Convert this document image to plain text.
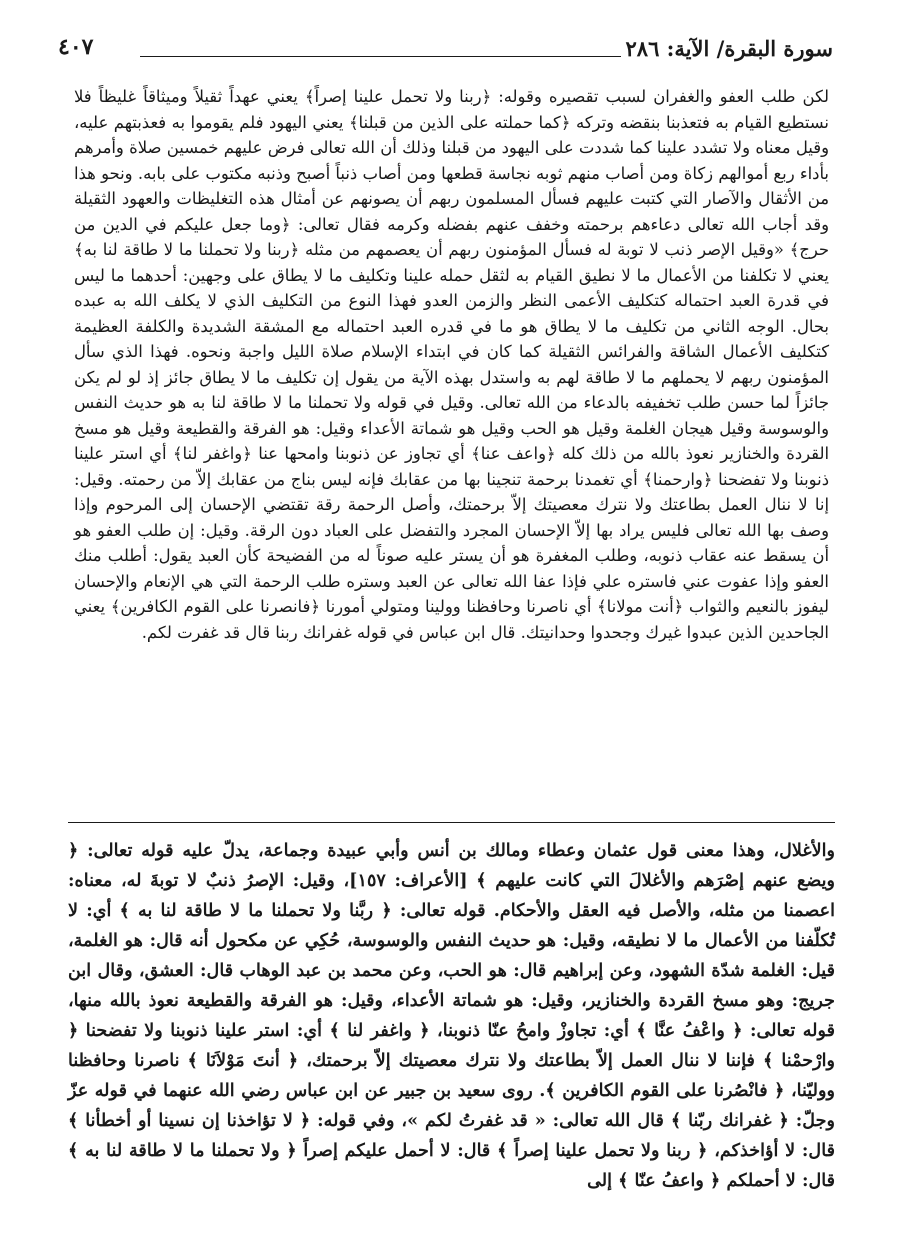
سورة البقرة/ الآية: ٢٨٦
٤٠٧

لكن طلب العفو والغفران لسبب تقصيره وقوله: ﴿ربنا ولا تحمل علينا إصراً﴾ يعني عهداً ثقيلاً وميثاقاً غليظاً فلا نستطيع القيام به فتعذبنا بنقضه وتركه ﴿كما حملته على الذين من قبلنا﴾ يعني اليهود فلم يقوموا به فعذبتهم عليه، وقيل معناه ولا تشدد علينا كما شددت على اليهود من قبلنا وذلك أن الله تعالى فرض عليهم خمسين صلاة وأمرهم بأداء ربع أموالهم زكاة ومن أصاب منهم ثوبه نجاسة قطعها ومن أصاب ذنباً أصبح وذنبه مكتوب على بابه. ونحو هذا من الأثقال والآصار التي كتبت عليهم فسأل المسلمون ربهم أن يصونهم عن أمثال هذه التغليظات والعهود الثقيلة وقد أجاب الله تعالى دعاءهم برحمته وخفف عنهم بفضله وكرمه فقال تعالى: ﴿وما جعل عليكم في الدين من حرج﴾ «وقيل الإصر ذنب لا توبة له فسأل المؤمنون ربهم أن يعصمهم من مثله ﴿ربنا ولا تحملنا ما لا طاقة لنا به﴾ يعني لا تكلفنا من الأعمال ما لا نطيق القيام به لثقل حمله علينا وتكليف ما لا يطاق على وجهين: أحدهما ما ليس في قدرة العبد احتماله كتكليف الأعمى النظر والزمن العدو فهذا النوع من التكليف الذي لا يكلف الله به عبده بحال. الوجه الثاني من تكليف ما لا يطاق هو ما في قدره العبد احتماله مع المشقة الشديدة والكلفة العظيمة كتكليف الأعمال الشاقة والفرائس الثقيلة كما كان في ابتداء الإسلام صلاة الليل واجبة ونحوه. فهذا الذي سأل المؤمنون ربهم لا يحملهم ما لا طاقة لهم به واستدل بهذه الآية من يقول إن تكليف ما لا يطاق جائز إذ لو لم يكن جائزاً لما حسن طلب تخفيفه بالدعاء من الله تعالى. وقيل في قوله ولا تحملنا ما لا طاقة لنا به هو حديث النفس والوسوسة وقيل هيجان الغلمة وقيل هو الحب وقيل هو شماتة الأعداء وقيل: هو الفرقة والقطيعة وقيل هو مسخ القردة والخنازير نعوذ بالله من ذلك كله ﴿واعف عنا﴾ أي تجاوز عن ذنوبنا وامحها عنا ﴿واغفر لنا﴾ أي استر علينا ذنوبنا ولا تفضحنا ﴿وارحمنا﴾ أي تغمدنا برحمة تنجينا بها من عقابك فإنه ليس بناج من عقابك إلاّ من رحمته. وقيل: إنا لا ننال العمل بطاعتك ولا نترك معصيتك إلاّ برحمتك، وأصل الرحمة رقة تقتضي الإحسان إلى المرحوم وإذا وصف بها الله تعالى فليس يراد بها إلاّ الإحسان المجرد والتفضل على العباد دون الرقة. وقيل: إن طلب العفو هو أن يسقط عنه عقاب ذنوبه، وطلب المغفرة هو أن يستر عليه صوناً له من الفضيحة كأن العبد يقول: أطلب منك العفو وإذا عفوت عني فاستره علي فإذا عفا الله تعالى عن العبد وستره طلب الرحمة التي هي الإنعام والإحسان ليفوز بالنعيم والثواب ﴿أنت مولانا﴾ أي ناصرنا وحافظنا وولينا ومتولي أمورنا ﴿فانصرنا على القوم الكافرين﴾ يعني الجاحدين الذين عبدوا غيرك وجحدوا وحدانيتك. قال ابن عباس في قوله غفرانك ربنا قال قد غفرت لكم.

والأغلال، وهذا معنى قول عثمان وعطاء ومالك بن أنس وأبي عبيدة وجماعة، يدلّ عليه قوله تعالى: ﴿ ويضع عنهم إصْرَهم والأغلالَ التي كانت عليهم ﴾ [الأعراف: ١٥٧]، وقيل: الإصرُ ذنبٌ لا توبةَ له، معناه: اعصمنا من مثله، والأصل فيه العقل والأحكام. قوله تعالى: ﴿ ربَّنا ولا تحملنا ما لا طاقة لنا به ﴾ أي: لا تُكلّفنا من الأعمال ما لا نطيقه، وقيل: هو حديث النفس والوسوسة، حُكِي عن مكحول أنه قال: هو الغلمة، قيل: الغلمة شدّة الشهود، وعن إبراهيم قال: هو الحب، وعن محمد بن عبد الوهاب قال: العشق، وقال ابن جريج: وهو مسخ القردة والخنازير، وقيل: هو شماتة الأعداء، وقيل: هو الفرقة والقطيعة نعوذ بالله منها، قوله تعالى: ﴿ واعْفُ عنَّا ﴾ أي: تجاوزْ وامحُ عنّا ذنوبنا، ﴿ واغفر لنا ﴾ أي: استر علينا ذنوبنا ولا تفضحنا ﴿ وارْحمْنا ﴾ فإننا لا ننال العمل إلاّ بطاعتك ولا نترك معصيتك إلاّ برحمتك، ﴿ أنتَ مَوْلاَنَا ﴾ ناصرنا وحافظنا ووليّنا، ﴿ فانْصُرنا على القوم الكافرين ﴾. روى سعيد بن جبير عن ابن عباس رضي الله عنهما في قوله عزّ وجلّ: ﴿ غفرانك ربّنا ﴾ قال الله تعالى: « قد غفرتُ لكم »، وفي قوله: ﴿ لا تؤاخذنا إن نسينا أو أخطأنا ﴾ قال: لا أؤاخذكم، ﴿ ربنا ولا تحمل علينا إصراً ﴾ قال: لا أحمل عليكم إصراً ﴿ ولا تحملنا ما لا طاقة لنا به ﴾ قال: لا أحملكم ﴿ واعفُ عنّا ﴾ إلى
